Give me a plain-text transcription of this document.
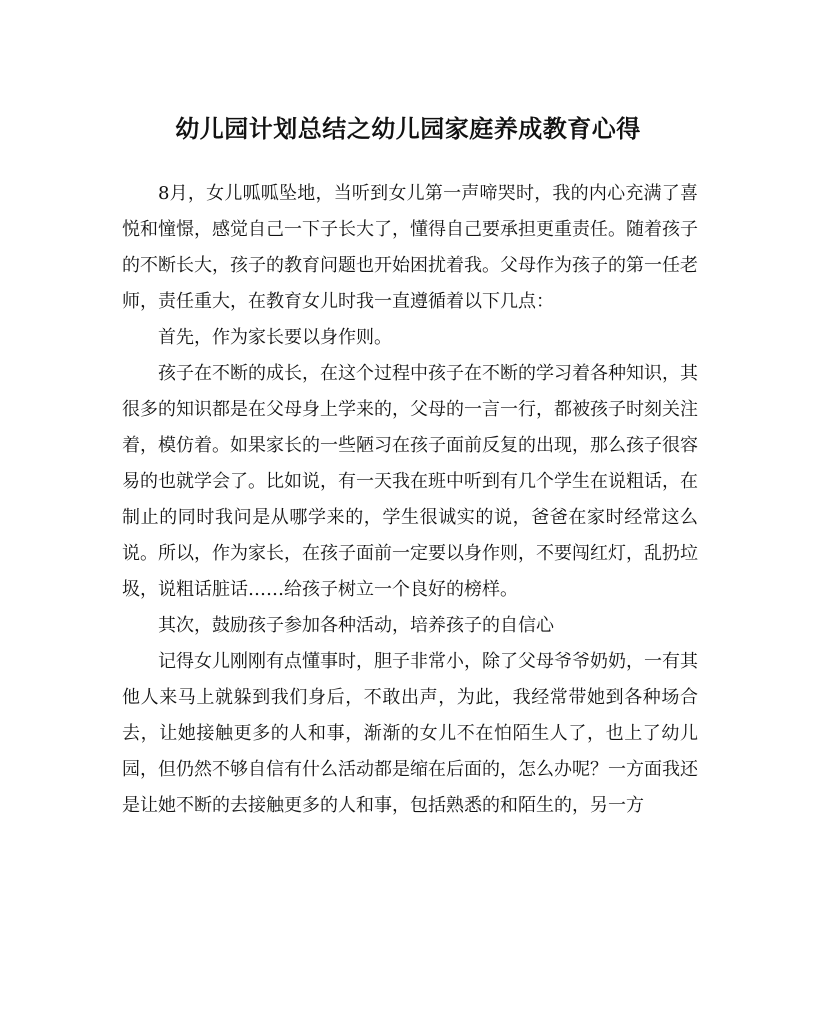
幼儿园计划总结之幼儿园家庭养成教育心得

8月，女儿呱呱坠地，当听到女儿第一声啼哭时，我的内心充满了喜悦和憧憬，感觉自己一下子长大了，懂得自己要承担更重责任。随着孩子的不断长大，孩子的教育问题也开始困扰着我。父母作为孩子的第一任老师，责任重大，在教育女儿时我一直遵循着以下几点：

首先，作为家长要以身作则。

孩子在不断的成长，在这个过程中孩子在不断的学习着各种知识，其很多的知识都是在父母身上学来的，父母的一言一行，都被孩子时刻关注着，模仿着。如果家长的一些陋习在孩子面前反复的出现，那么孩子很容易的也就学会了。比如说，有一天我在班中听到有几个学生在说粗话，在制止的同时我问是从哪学来的，学生很诚实的说，爸爸在家时经常这么说。所以，作为家长，在孩子面前一定要以身作则，不要闯红灯，乱扔垃圾，说粗话脏话……给孩子树立一个良好的榜样。

其次，鼓励孩子参加各种活动，培养孩子的自信心

记得女儿刚刚有点懂事时，胆子非常小，除了父母爷爷奶奶，一有其他人来马上就躲到我们身后，不敢出声，为此，我经常带她到各种场合去，让她接触更多的人和事，渐渐的女儿不在怕陌生人了，也上了幼儿园，但仍然不够自信有什么活动都是缩在后面的，怎么办呢？一方面我还是让她不断的去接触更多的人和事，包括熟悉的和陌生的，另一方
